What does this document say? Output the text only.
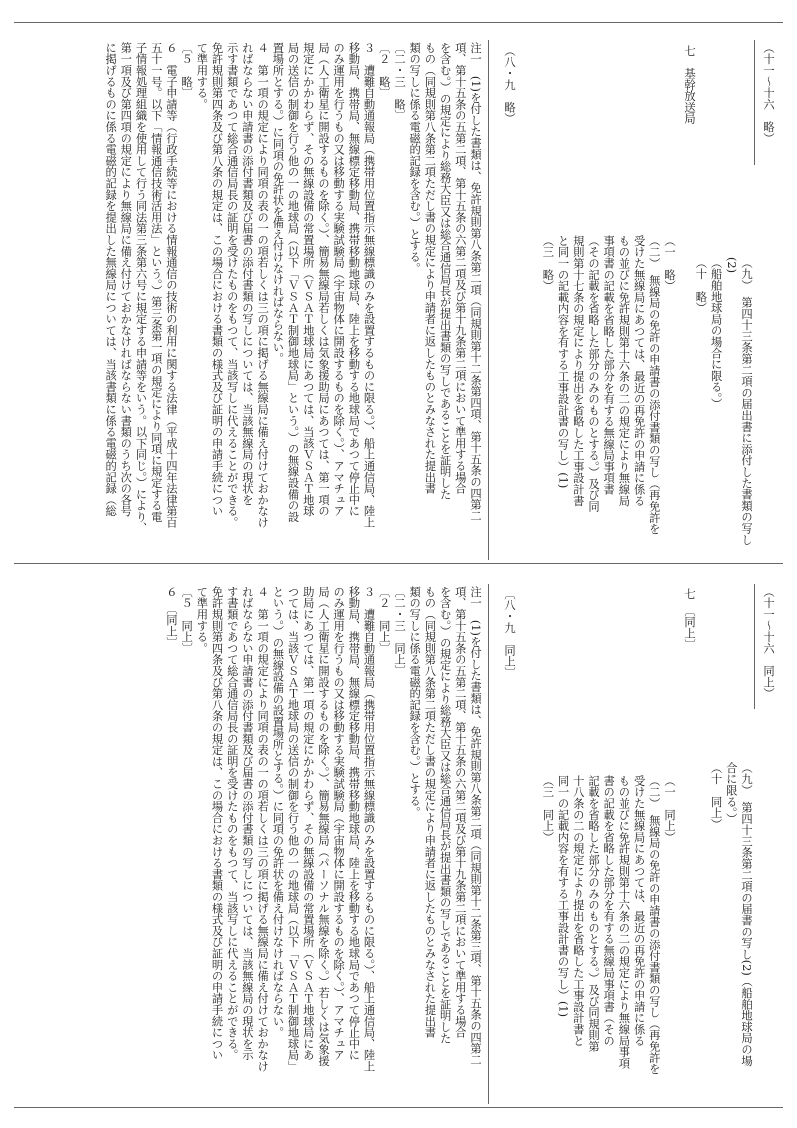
（十一～十六　略）
（九）　第四十三条第二項の届出書に添付した書類の写し(2)
（船舶地球局の場合に限る。）
（十　略）
七　基幹放送局
（一　略）
（二）　無線局の免許の申請書の添付書類の写し（再免許を
受けた無線局にあつては、最近の再免許の申請に係る
もの並びに免許規則第十六条の二の規定により無線局
事項書の記載を省略した部分を有する無線局事項書
（その記載を省略した部分のみのものとする。）及び同
規則第十七条の規定により提出を省略した工事設計書
と同一の記載内容を有する工事設計書の写し）(1)
（三　略）
（八・九　略）
注一　(1)を付した書類は、免許規則第八条第二項（同規則第十二条第四項、第十五条の四第二
項、第十五条の五第二項、第十五条の六第二項及び第十九条第二項において準用する場合
を含む。）の規定により総務大臣又は総合通信局長が提出書類の写しであることを証明した
もの（同規則第八条第二項ただし書の規定により申請者に返したものとみなされた提出書
類の写しに係る電磁的記録を含む。）とする。
〔二・三　略〕
〔２　略〕
３　遭難自動通報局（携帯用位置指示無線標識のみを設置するものに限る。）、船上通信局、陸上
移動局、携帯局、無線標定移動局、携帯移動地球局、陸上を移動する地球局であつて停止中に
のみ運用を行うもの又は移動する実験試験局（宇宙物体に開設するものを除く。）、アマチュア
局（人工衛星に開設するものを除く。）、簡易無線局若しくは気象援助局にあつては、第一項の
規定にかかわらず、その無線設備の常置場所（ＶＳＡＴ地球局にあつては、当該ＶＳＡＴ地球
局の送信の制御を行う他の一の地球局（以下「ＶＳＡＴ制御地球局」という。）の無線設備の設
置場所とする。）に同項の免許状を備え付けなければならない。
４　第一項の規定により同項の表の一の項若しくは三の項に掲げる無線局に備え付けておかなけ
ればならない申請書の添付書類及び届書の添付書類の写しについては、当該無線局の現状を
示す書類であつて総合通信局長の証明を受けたものをもつて、当該写しに代えることができる。
免許規則第四条及び第八条の規定は、この場合における書類の様式及び証明の申請手続につい
て準用する。
〔５　略〕
６　電子申請等（行政手続等における情報通信の技術の利用に関する法律（平成十四年法律第百
五十一号。以下「情報通信技術活用法」という。）第三条第一項の規定により同項に規定する電
子情報処理組織を使用して行う同法第三条第六号に規定する申請等をいう。以下同じ。）により、
第一項及び第四項の規定により無線局に備え付けておかなければならない書類のうち次の各号
に掲げるものに係る電磁的記録を提出した無線局については、当該書類に係る電磁的記録（総
（十一～十六　同上）
（九）　第四十三条第二項の届書の写し(2)（船舶地球局の場
合に限る。）
（十　同上）
七　〔同上〕
（一　同上）
（二）　無線局の免許の申請書の添付書類の写し（再免許を
受けた無線局にあつては、最近の再免許の申請に係る
もの並びに免許規則第十六条の二の規定により無線局事項
書の記載を省略した部分を有する無線局事項書（その
記載を省略した部分のみのものとする。）及び同規則第
十八条の二の規定により提出を省略した工事設計書と
同一の記載内容を有する工事設計書の写し）(1)
（三　同上）
〔八・九　同上〕
注一　(1)を付した書類は、免許規則第八条第二項（同規則第十二条第三項、第十五条の四第二
項、第十五条の五第二項、第十五条の六第二項及び第十九条第二項において準用する場合
を含む。）の規定により総務大臣又は総合通信局長が提出書類の写しであることを証明した
もの（同規則第八条第二項ただし書の規定により申請者に返したものとみなされた提出書
類の写しに係る電磁的記録を含む。）とする。
〔二・三　同上〕
〔２　同上〕
３　遭難自動通報局（携帯用位置指示無線標識のみを設置するものに限る。）、船上通信局、陸上
移動局、携帯局、無線標定移動局、携帯移動地球局、陸上を移動する地球局であつて停止中に
のみ運用を行うもの又は移動する実験試験局（宇宙物体に開設するものを除く。）、アマチュア
局（人工衛星に開設するものを除く。）、簡易無線局（パーソナル無線を除く。）若しくは気象援
助局にあつては、第一項の規定にかかわらず、その無線設備の常置場所（ＶＳＡＴ地球局にあ
つては、当該ＶＳＡＴ地球局の送信の制御を行う他の一の地球局（以下「ＶＳＡＴ制御地球局」
という。）の無線設備の設置場所とする。）に同項の免許状を備え付けなければならない。
４　第一項の規定により同項の表の一の項若しくは三の項に掲げる無線局に備え付けておかなけ
ればならない申請書の添付書類及び届書の添付書類の写しについては、当該無線局の現状を示
す書類であつて総合通信局長の証明を受けたものをもつて、当該写しに代えることができる。
免許規則第四条及び第八条の規定は、この場合における書類の様式及び証明の申請手続につい
て準用する。
〔５　同上〕
６　〔同上〕
